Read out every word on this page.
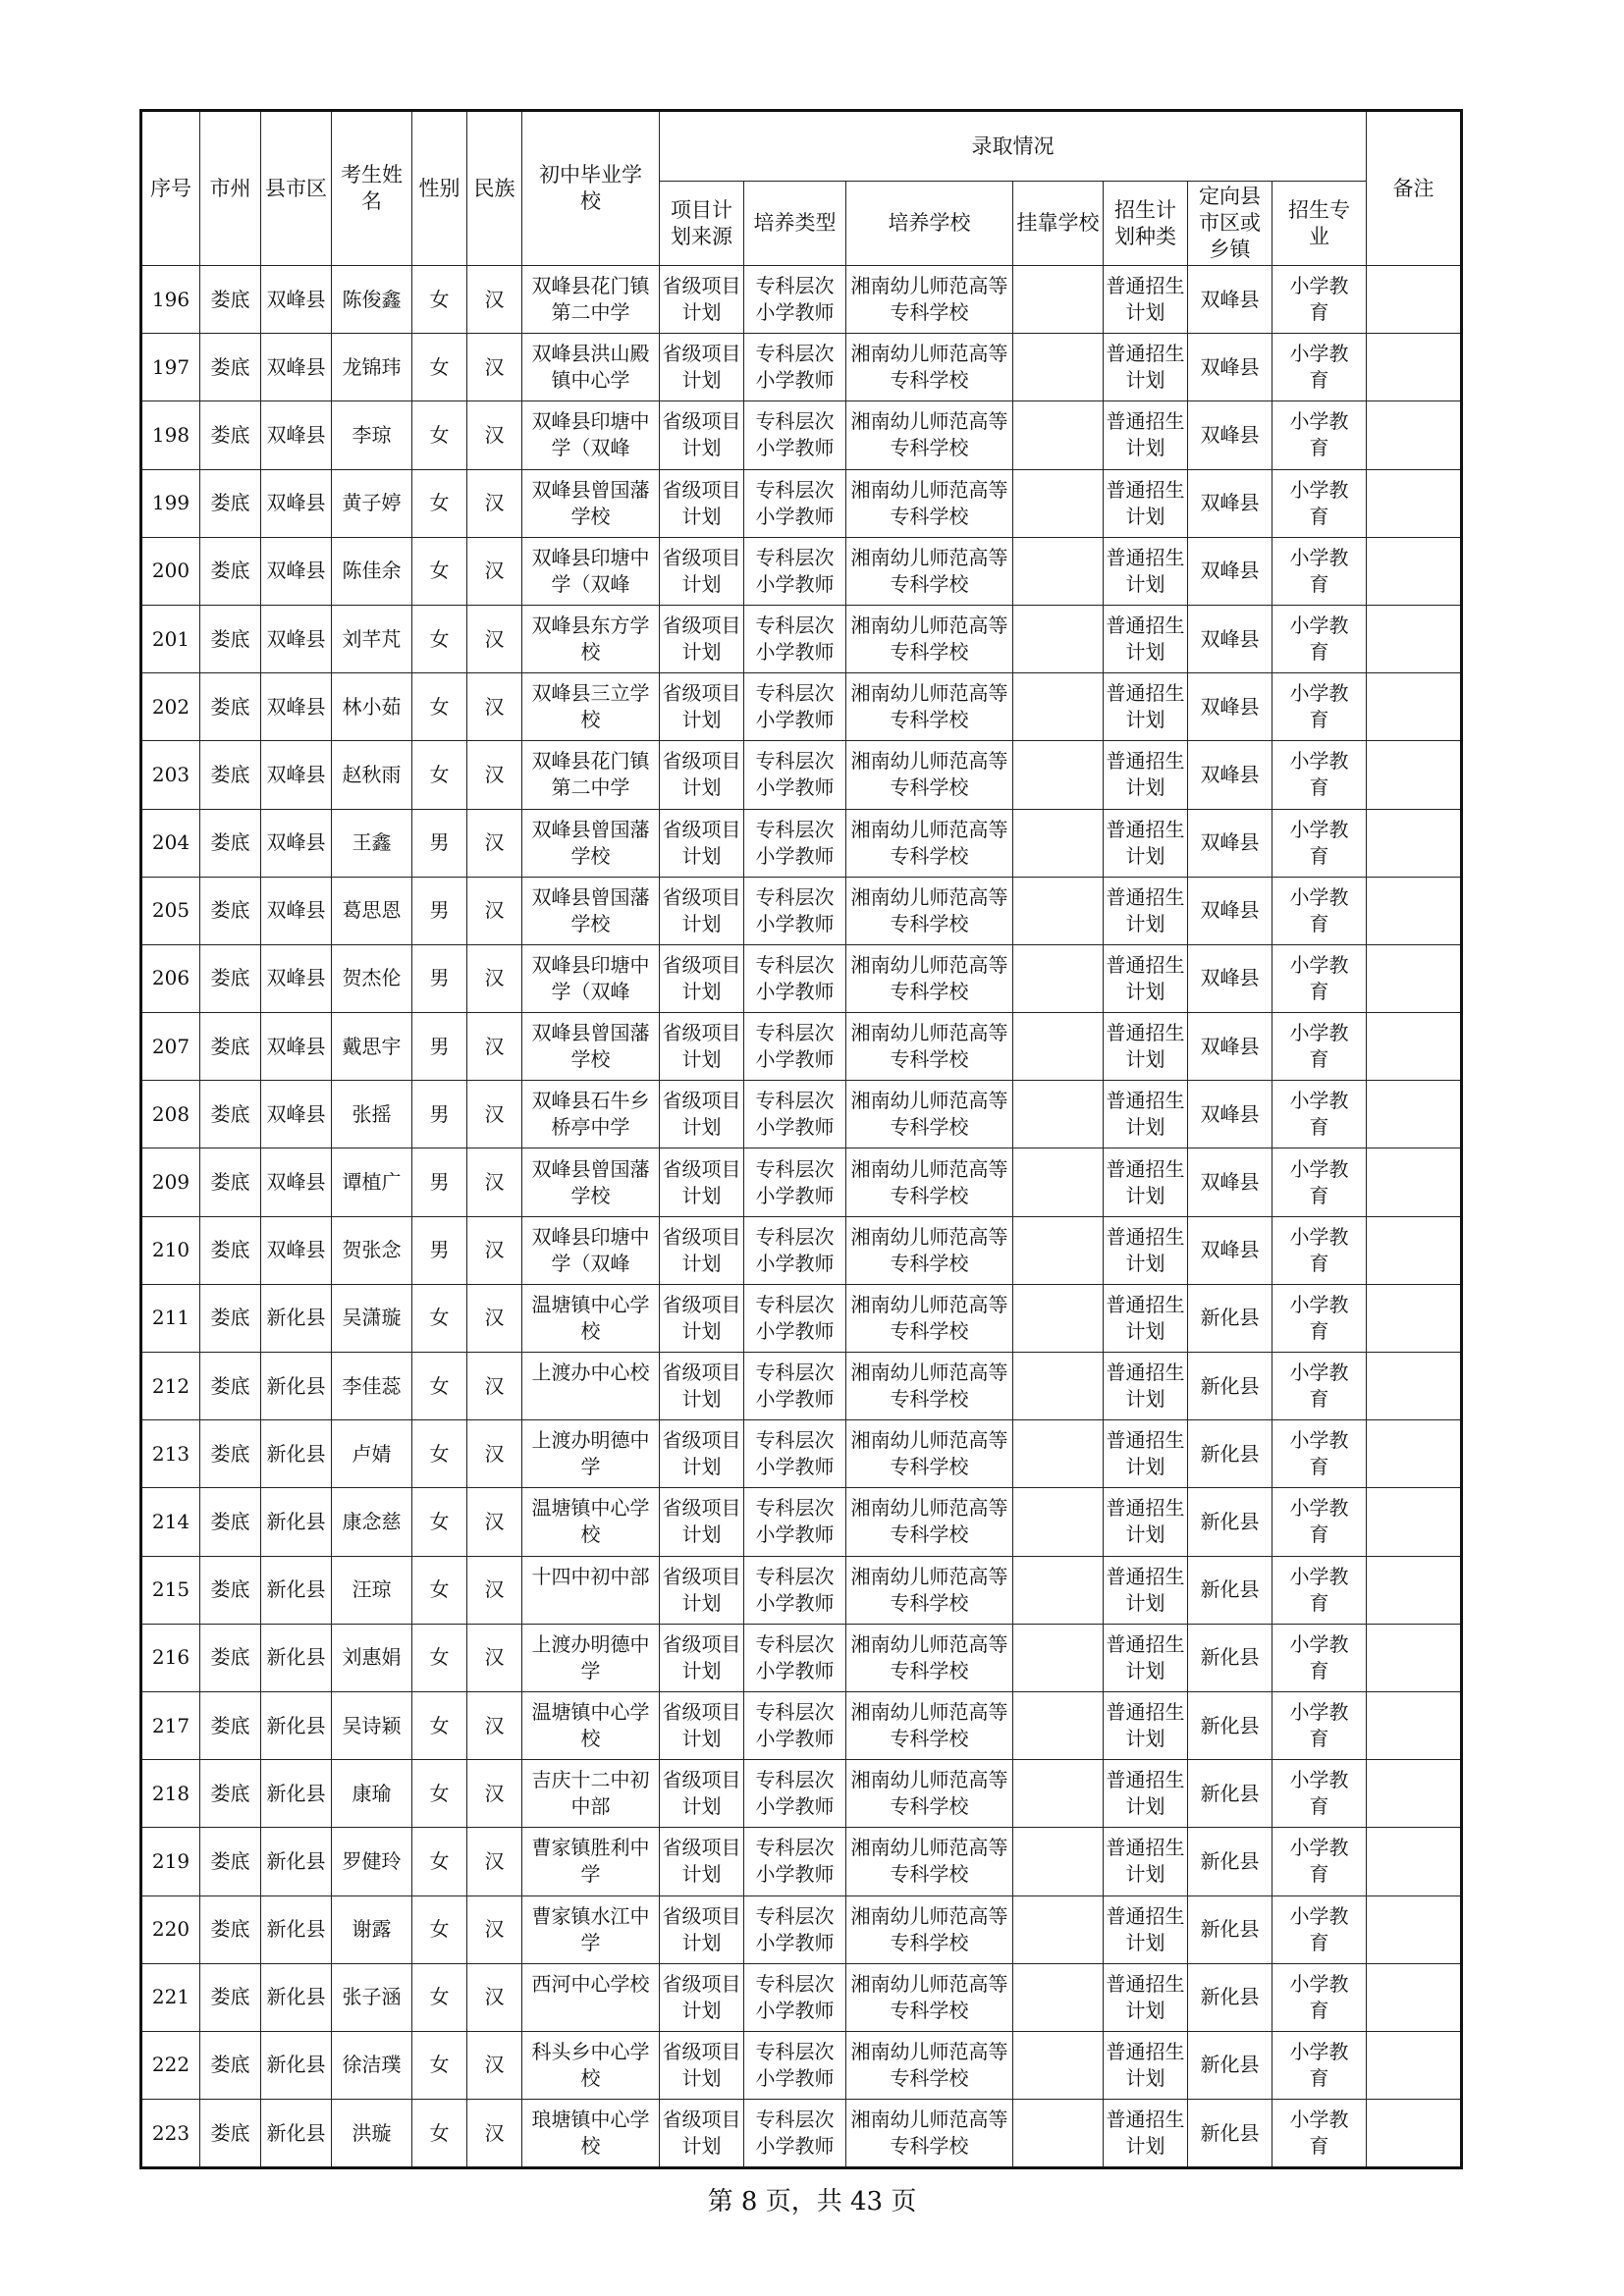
序号	市州	县市区	考生姓名	性别	民族	初中毕业学校	录取情况							备注

							项目计划来源	培养类型	培养学校	挂靠学校	招生计划种类	定向县市区或乡镇	招生专业	

196	娄底	双峰县	陈俊鑫	女	汉	双峰县花门镇第二中学	省级项目计划	专科层次小学教师	湘南幼儿师范高等专科学校		普通招生计划	双峰县	小学教育	

197	娄底	双峰县	龙锦玮	女	汉	双峰县洪山殿镇中心学	省级项目计划	专科层次小学教师	湘南幼儿师范高等专科学校		普通招生计划	双峰县	小学教育	

198	娄底	双峰县	李琼	女	汉	双峰县印塘中学（双峰	省级项目计划	专科层次小学教师	湘南幼儿师范高等专科学校		普通招生计划	双峰县	小学教育	

199	娄底	双峰县	黄子婷	女	汉	双峰县曾国藩学校	省级项目计划	专科层次小学教师	湘南幼儿师范高等专科学校		普通招生计划	双峰县	小学教育	

200	娄底	双峰县	陈佳余	女	汉	双峰县印塘中学（双峰	省级项目计划	专科层次小学教师	湘南幼儿师范高等专科学校		普通招生计划	双峰县	小学教育	

201	娄底	双峰县	刘芊芃	女	汉	双峰县东方学校	省级项目计划	专科层次小学教师	湘南幼儿师范高等专科学校		普通招生计划	双峰县	小学教育	

202	娄底	双峰县	林小茹	女	汉	双峰县三立学校	省级项目计划	专科层次小学教师	湘南幼儿师范高等专科学校		普通招生计划	双峰县	小学教育	

203	娄底	双峰县	赵秋雨	女	汉	双峰县花门镇第二中学	省级项目计划	专科层次小学教师	湘南幼儿师范高等专科学校		普通招生计划	双峰县	小学教育	

204	娄底	双峰县	王鑫	男	汉	双峰县曾国藩学校	省级项目计划	专科层次小学教师	湘南幼儿师范高等专科学校		普通招生计划	双峰县	小学教育	

205	娄底	双峰县	葛思恩	男	汉	双峰县曾国藩学校	省级项目计划	专科层次小学教师	湘南幼儿师范高等专科学校		普通招生计划	双峰县	小学教育	

206	娄底	双峰县	贺杰伦	男	汉	双峰县印塘中学（双峰	省级项目计划	专科层次小学教师	湘南幼儿师范高等专科学校		普通招生计划	双峰县	小学教育	

207	娄底	双峰县	戴思宇	男	汉	双峰县曾国藩学校	省级项目计划	专科层次小学教师	湘南幼儿师范高等专科学校		普通招生计划	双峰县	小学教育	

208	娄底	双峰县	张摇	男	汉	双峰县石牛乡桥亭中学	省级项目计划	专科层次小学教师	湘南幼儿师范高等专科学校		普通招生计划	双峰县	小学教育	

209	娄底	双峰县	谭植广	男	汉	双峰县曾国藩学校	省级项目计划	专科层次小学教师	湘南幼儿师范高等专科学校		普通招生计划	双峰县	小学教育	

210	娄底	双峰县	贺张念	男	汉	双峰县印塘中学（双峰	省级项目计划	专科层次小学教师	湘南幼儿师范高等专科学校		普通招生计划	双峰县	小学教育	

211	娄底	新化县	吴潇璇	女	汉	温塘镇中心学校	省级项目计划	专科层次小学教师	湘南幼儿师范高等专科学校		普通招生计划	新化县	小学教育	

212	娄底	新化县	李佳蕊	女	汉	上渡办中心校	省级项目计划	专科层次小学教师	湘南幼儿师范高等专科学校		普通招生计划	新化县	小学教育	

213	娄底	新化县	卢婧	女	汉	上渡办明德中学	省级项目计划	专科层次小学教师	湘南幼儿师范高等专科学校		普通招生计划	新化县	小学教育	

214	娄底	新化县	康念慈	女	汉	温塘镇中心学校	省级项目计划	专科层次小学教师	湘南幼儿师范高等专科学校		普通招生计划	新化县	小学教育	

215	娄底	新化县	汪琼	女	汉	十四中初中部	省级项目计划	专科层次小学教师	湘南幼儿师范高等专科学校		普通招生计划	新化县	小学教育	

216	娄底	新化县	刘惠娟	女	汉	上渡办明德中学	省级项目计划	专科层次小学教师	湘南幼儿师范高等专科学校		普通招生计划	新化县	小学教育	

217	娄底	新化县	吴诗颖	女	汉	温塘镇中心学校	省级项目计划	专科层次小学教师	湘南幼儿师范高等专科学校		普通招生计划	新化县	小学教育	

218	娄底	新化县	康瑜	女	汉	吉庆十二中初中部	省级项目计划	专科层次小学教师	湘南幼儿师范高等专科学校		普通招生计划	新化县	小学教育	

219	娄底	新化县	罗健玲	女	汉	曹家镇胜利中学	省级项目计划	专科层次小学教师	湘南幼儿师范高等专科学校		普通招生计划	新化县	小学教育	

220	娄底	新化县	谢露	女	汉	曹家镇水江中学	省级项目计划	专科层次小学教师	湘南幼儿师范高等专科学校		普通招生计划	新化县	小学教育	

221	娄底	新化县	张子涵	女	汉	西河中心学校	省级项目计划	专科层次小学教师	湘南幼儿师范高等专科学校		普通招生计划	新化县	小学教育	

222	娄底	新化县	徐洁璞	女	汉	科头乡中心学校	省级项目计划	专科层次小学教师	湘南幼儿师范高等专科学校		普通招生计划	新化县	小学教育	

223	娄底	新化县	洪璇	女	汉	琅塘镇中心学校	省级项目计划	专科层次小学教师	湘南幼儿师范高等专科学校		普通招生计划	新化县	小学教育	

第 8 页，共 43 页
